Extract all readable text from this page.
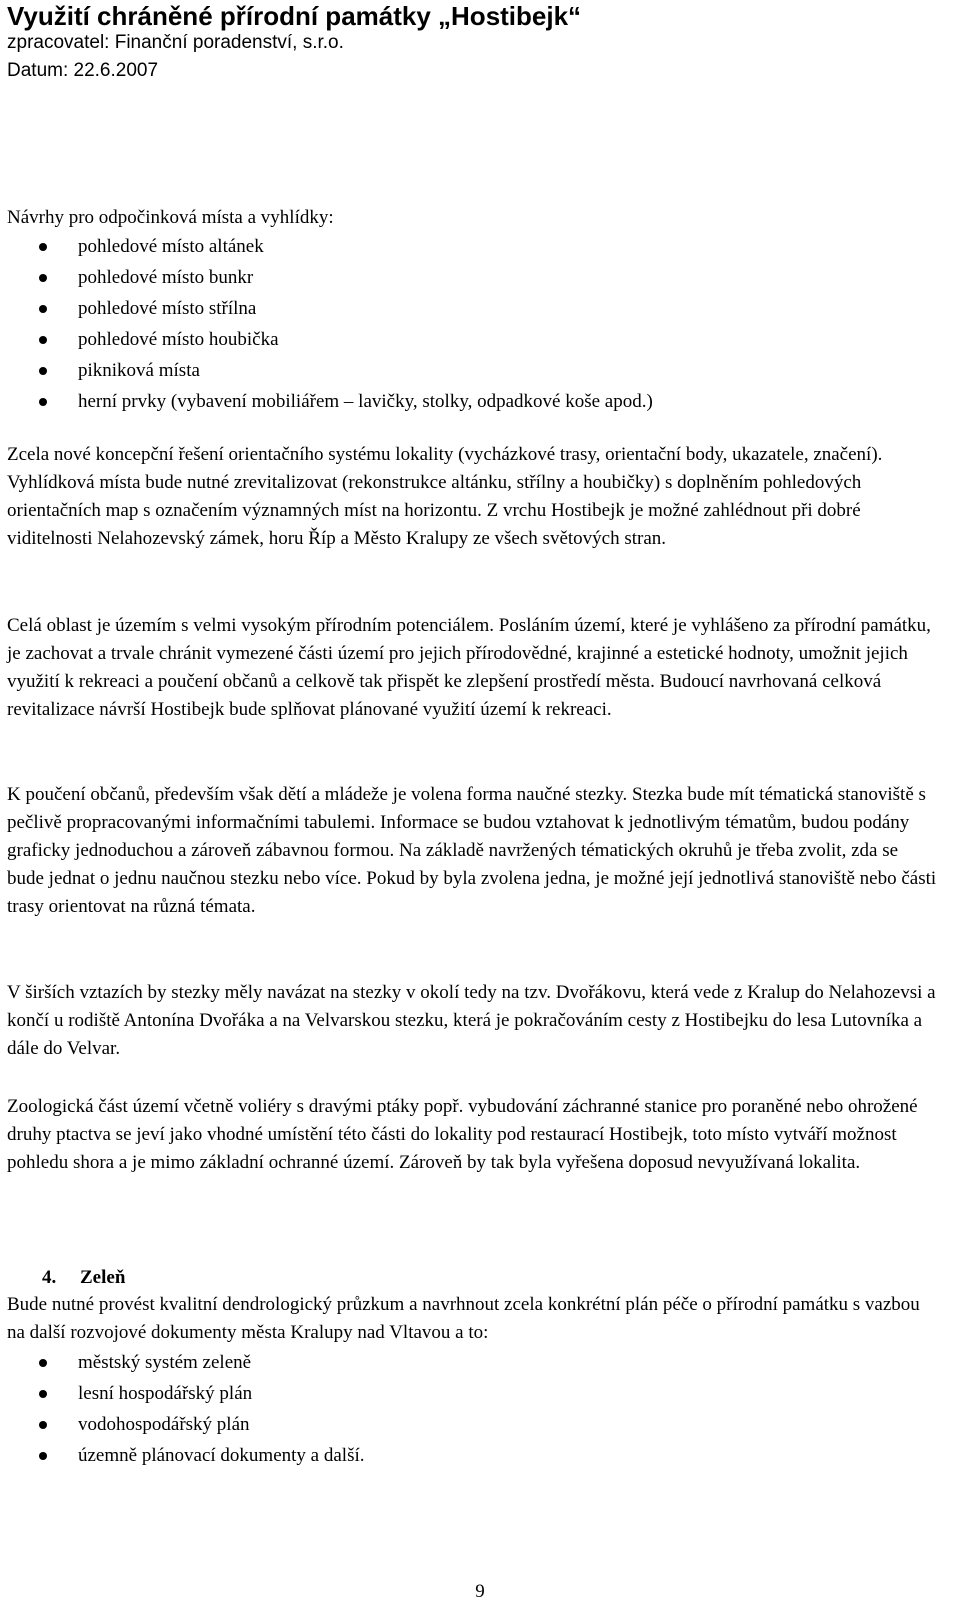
Využití chráněné přírodní památky „Hostibejk“
zpracovatel: Finanční poradenství, s.r.o.
Datum: 22.6.2007
Návrhy pro odpočinková místa a vyhlídky:
pohledové místo altánek
pohledové místo bunkr
pohledové místo střílna
pohledové místo houbička
pikniková místa
herní prvky (vybavení mobiliářem – lavičky, stolky, odpadkové koše apod.)

Zcela nové koncepční řešení orientačního systému lokality (vycházkové trasy, orientační body, ukazatele, značení). Vyhlídková místa bude nutné zrevitalizovat (rekonstrukce altánku, střílny a houbičky) s doplněním pohledových orientačních map s označením významných míst na horizontu. Z vrchu Hostibejk je možné zahlédnout při dobré viditelnosti Nelahozevský zámek, horu Říp a Město Kralupy ze všech světových stran.

Celá oblast je územím s velmi vysokým přírodním potenciálem. Posláním území, které je vyhlášeno za přírodní památku, je zachovat a trvale chránit vymezené části území pro jejich přírodovědné, krajinné a estetické hodnoty, umožnit jejich využití k rekreaci a poučení občanů a celkově tak přispět ke zlepšení prostředí města. Budoucí navrhovaná celková revitalizace návrší Hostibejk bude splňovat plánované využití území k rekreaci.

K poučení občanů, především však dětí a mládeže je volena forma naučné stezky. Stezka bude mít tématická stanoviště s pečlivě propracovanými informačními tabulemi. Informace se budou vztahovat k jednotlivým tématům, budou podány graficky jednoduchou a zároveň zábavnou formou. Na základě navržených tématických okruhů je třeba zvolit, zda se bude jednat o jednu naučnou stezku nebo více. Pokud by byla zvolena jedna, je možné její jednotlivá stanoviště nebo části trasy orientovat na různá témata.

V širších vztazích by stezky měly navázat na stezky v okolí tedy na tzv. Dvořákovu, která vede z Kralup do Nelahozevsi a končí u rodiště Antonína Dvořáka a na Velvarskou stezku, která je pokračováním cesty z Hostibejku do lesa Lutovníka a dále do Velvar.

Zoologická část území včetně voliéry s dravými ptáky popř. vybudování záchranné stanice pro poraněné nebo ohrožené druhy ptactva se jeví jako vhodné umístění této části do lokality pod restaurací Hostibejk, toto místo vytváří možnost pohledu shora a je mimo základní ochranné území. Zároveň by tak byla vyřešena doposud nevyužívaná lokalita.

4. Zeleň

Bude nutné provést kvalitní dendrologický průzkum a navrhnout zcela konkrétní plán péče o přírodní památku s vazbou na další rozvojové dokumenty města Kralupy nad Vltavou a to:

městský systém zeleně
lesní hospodářský plán
vodohospodářský plán
územně plánovací dokumenty a další.
9
